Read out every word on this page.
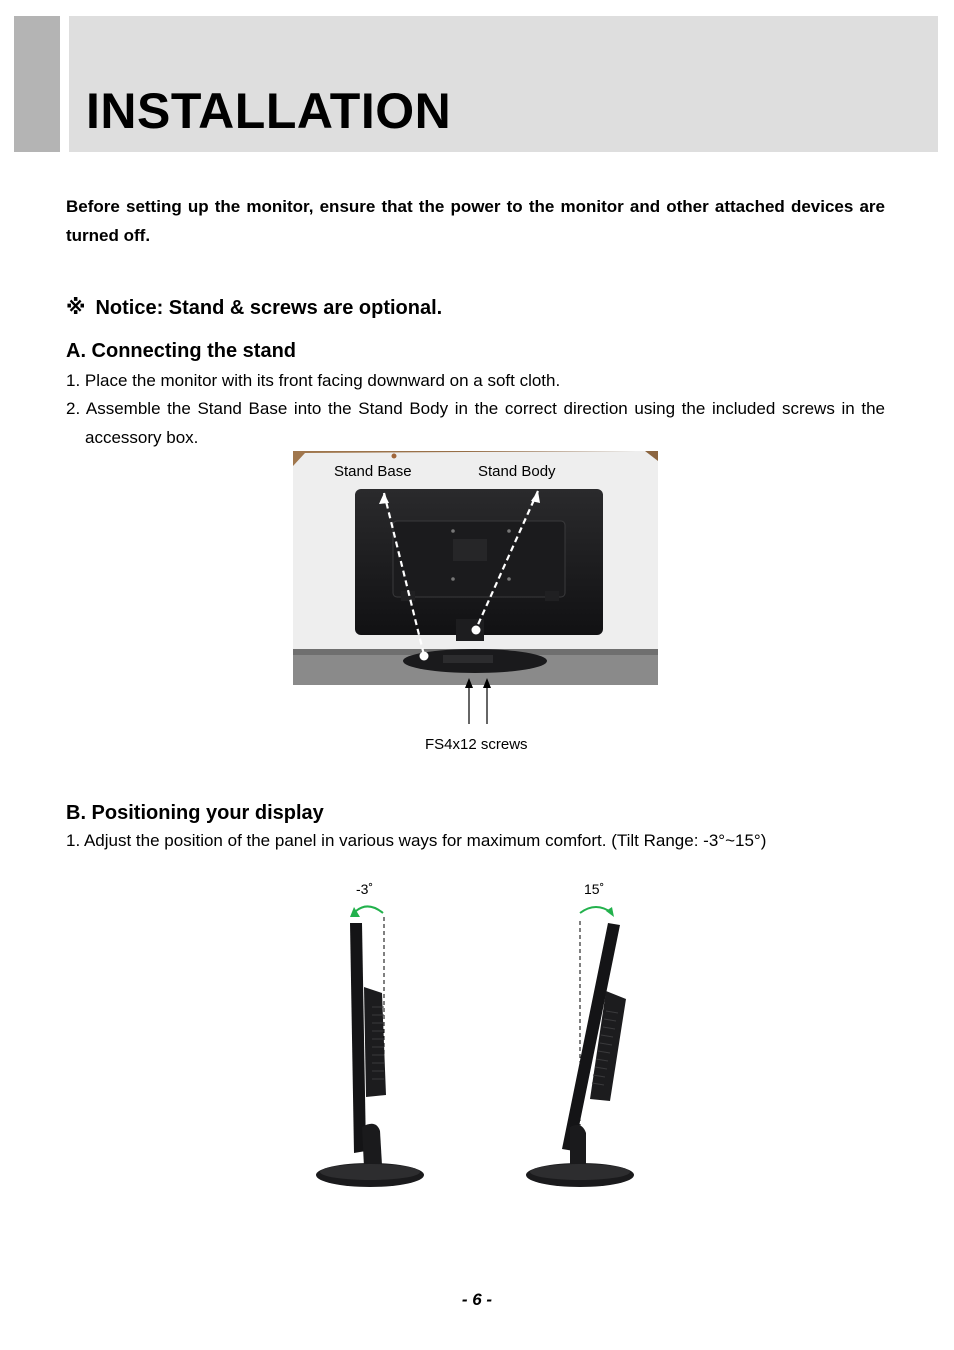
INSTALLATION

Before setting up the monitor, ensure that the power to the monitor and other attached devices are turned off.

※ Notice: Stand & screws are optional.

A. Connecting the stand

1. Place the monitor with its front facing downward on a soft cloth.

2. Assemble the Stand Base into the Stand Body in the correct direction using the included screws in the accessory box.

Stand Base	Stand Body
FS4x12 screws
B. Positioning your display

1. Adjust the position of the panel in various ways for maximum comfort. (Tilt Range: -3°~15°)

-3˚	15˚
- 6 -
